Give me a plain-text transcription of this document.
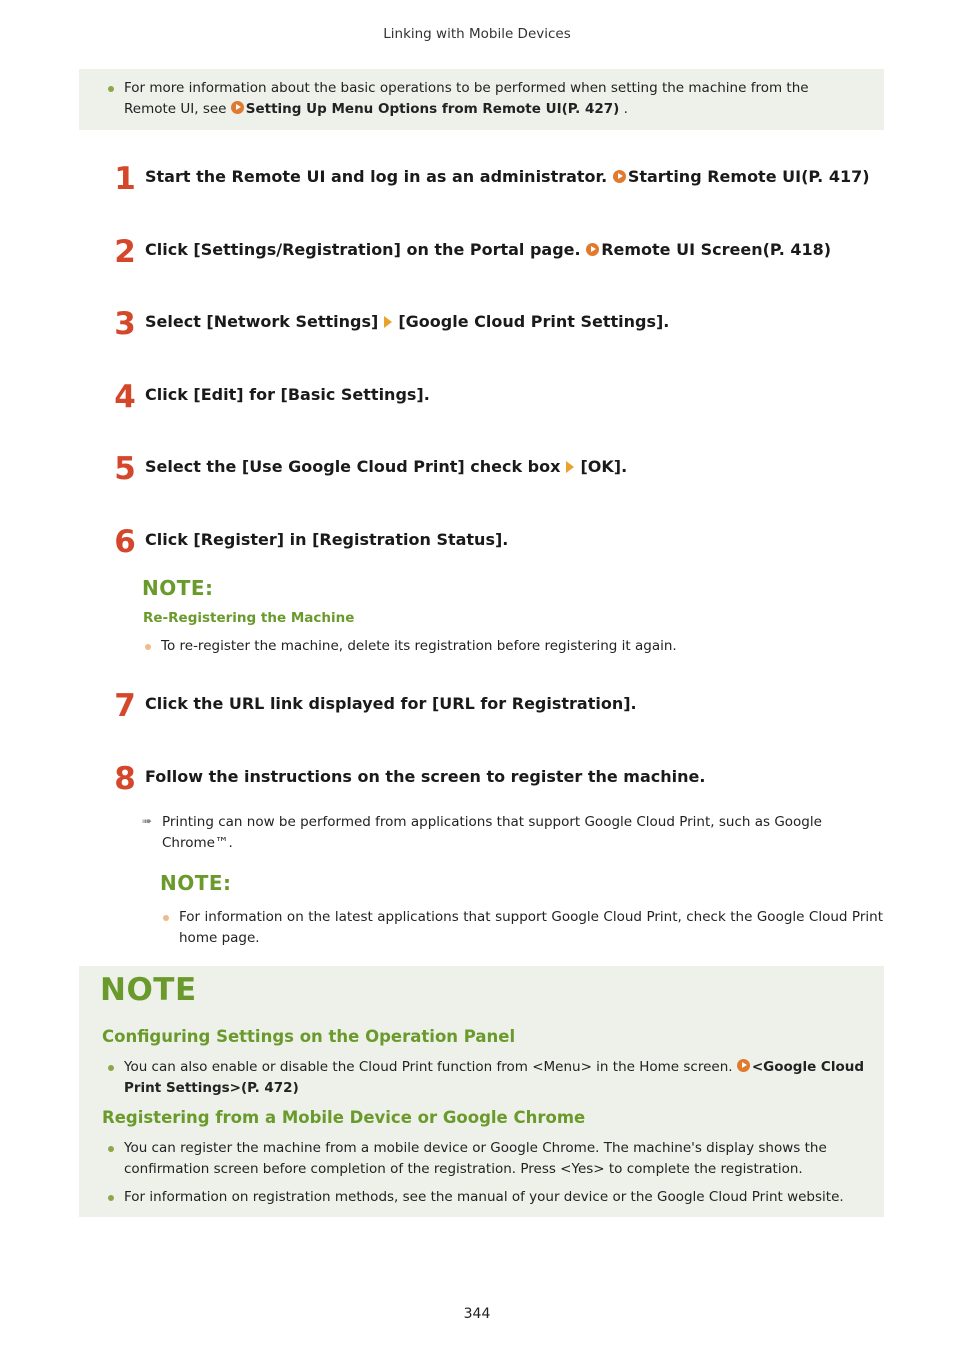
Linking with Mobile Devices
For more information about the basic operations to be performed when setting the machine from the Remote UI, see Setting Up Menu Options from Remote UI(P. 427) .
1 Start the Remote UI and log in as an administrator. Starting Remote UI(P. 417)
2 Click [Settings/Registration] on the Portal page. Remote UI Screen(P. 418)
3 Select [Network Settings] [Google Cloud Print Settings].
4 Click [Edit] for [Basic Settings].
5 Select the [Use Google Cloud Print] check box [OK].
6 Click [Register] in [Registration Status].
NOTE:
Re-Registering the Machine
To re-register the machine, delete its registration before registering it again.
7 Click the URL link displayed for [URL for Registration].
8 Follow the instructions on the screen to register the machine.
➠ Printing can now be performed from applications that support Google Cloud Print, such as Google Chrome™.
NOTE:
For information on the latest applications that support Google Cloud Print, check the Google Cloud Print home page.
NOTE
Configuring Settings on the Operation Panel
You can also enable or disable the Cloud Print function from <Menu> in the Home screen. <Google Cloud Print Settings>(P. 472)
Registering from a Mobile Device or Google Chrome
You can register the machine from a mobile device or Google Chrome. The machine's display shows the confirmation screen before completion of the registration. Press <Yes> to complete the registration.
For information on registration methods, see the manual of your device or the Google Cloud Print website.
344
